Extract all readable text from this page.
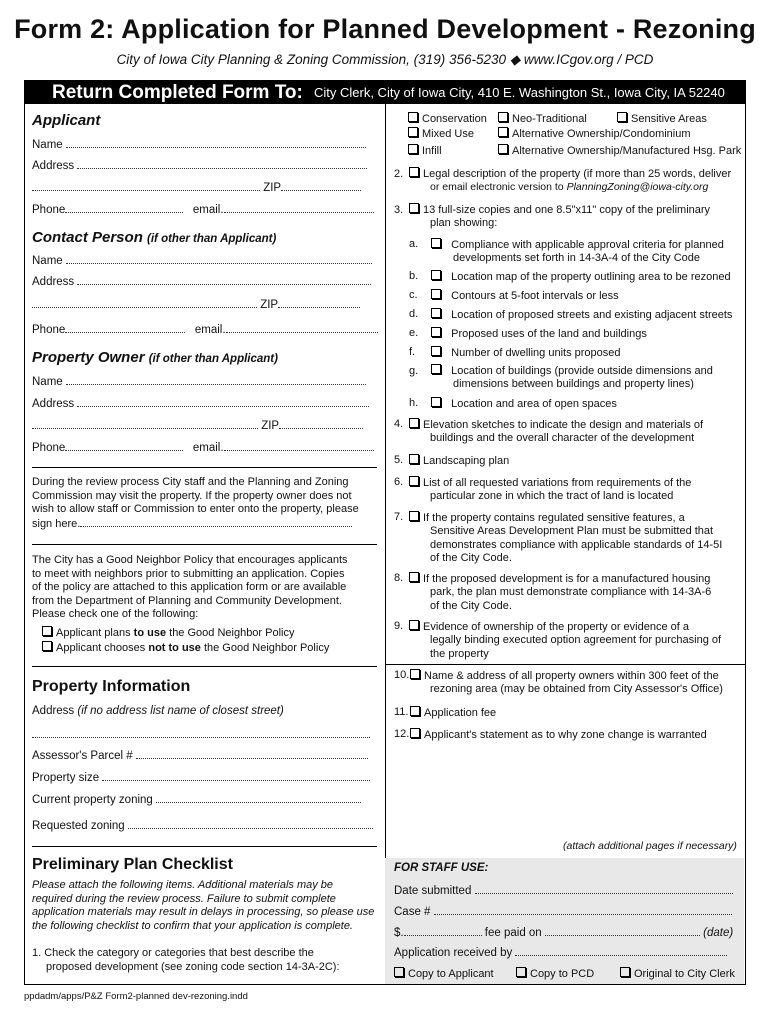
Form 2: Application for Planned Development - Rezoning
City of Iowa City Planning & Zoning Commission, (319) 356-5230 ◆ www.ICgov.org / PCD
Return Completed Form To: City Clerk, City of Iowa City, 410 E. Washington St., Iowa City, IA 52240
Applicant
Name
Address
ZIP
Phone	email.
Contact Person (if other than Applicant)
Name
Address
ZIP
Phone	email.
Property Owner (if other than Applicant)
Name
Address
ZIP
Phone	email.
During the review process City staff and the Planning and Zoning
Commission may visit the property. If the property owner does not
wish to allow staff or Commission to enter onto the property, please
sign here.
The City has a Good Neighbor Policy that encourages applicants
to meet with neighbors prior to submitting an application. Copies
of the policy are attached to this application form or are available
from the Department of Planning and Community Development.
Please check one of the following:
Applicant plans to use the Good Neighbor Policy
Applicant chooses not to use the Good Neighbor Policy
Property Information
Address (if no address list name of closest street)
Assessor's Parcel #
Property size
Current property zoning
Requested zoning
Preliminary Plan Checklist
Please attach the following items. Additional materials may be
required during the review process. Failure to submit complete
application materials may result in delays in processing, so please use
the following checklist to confirm that your application is complete.
1. Check the category or categories that best describe the
proposed development (see zoning code section 14-3A-2C):
Conservation	Neo-Traditional	Sensitive Areas
Mixed Use	Alternative Ownership/Condominium
Infill	Alternative Ownership/Manufactured Hsg. Park
2.	Legal description of the property (if more than 25 words, deliver
or email electronic version to PlanningZoning@iowa-city.org
3.	13 full-size copies and one 8.5"x11" copy of the preliminary
plan showing:
a.	Compliance with applicable approval criteria for planned
developments set forth in 14-3A-4 of the City Code
b.	Location map of the property outlining area to be rezoned
c.	Contours at 5-foot intervals or less
d.	Location of proposed streets and existing adjacent streets
e.	Proposed uses of the land and buildings
f.	Number of dwelling units proposed
g.	Location of buildings (provide outside dimensions and
dimensions between buildings and property lines)
h.	Location and area of open spaces
4.	Elevation sketches to indicate the design and materials of
buildings and the overall character of the development
5.	Landscaping plan
6.	List of all requested variations from requirements of the
particular zone in which the tract of land is located
7.	If the property contains regulated sensitive features, a
Sensitive Areas Development Plan must be submitted that
demonstrates compliance with applicable standards of 14-5I
of the City Code.
8.	If the proposed development is for a manufactured housing
park, the plan must demonstrate compliance with 14-3A-6
of the City Code.
9.	Evidence of ownership of the property or evidence of a
legally binding executed option agreement for purchasing of
the property
10.	Name & address of all property owners within 300 feet of the
rezoning area (may be obtained from City Assessor's Office)
11.	Application fee
12.	Applicant's statement as to why zone change is warranted
(attach additional pages if necessary)
FOR STAFF USE:
Date submitted
Case #
$.	fee paid on	(date)
Application received by
Copy to Applicant	Copy to PCD	Original to City Clerk
ppdadm/apps/P&Z Form2-planned dev-rezoning.indd
